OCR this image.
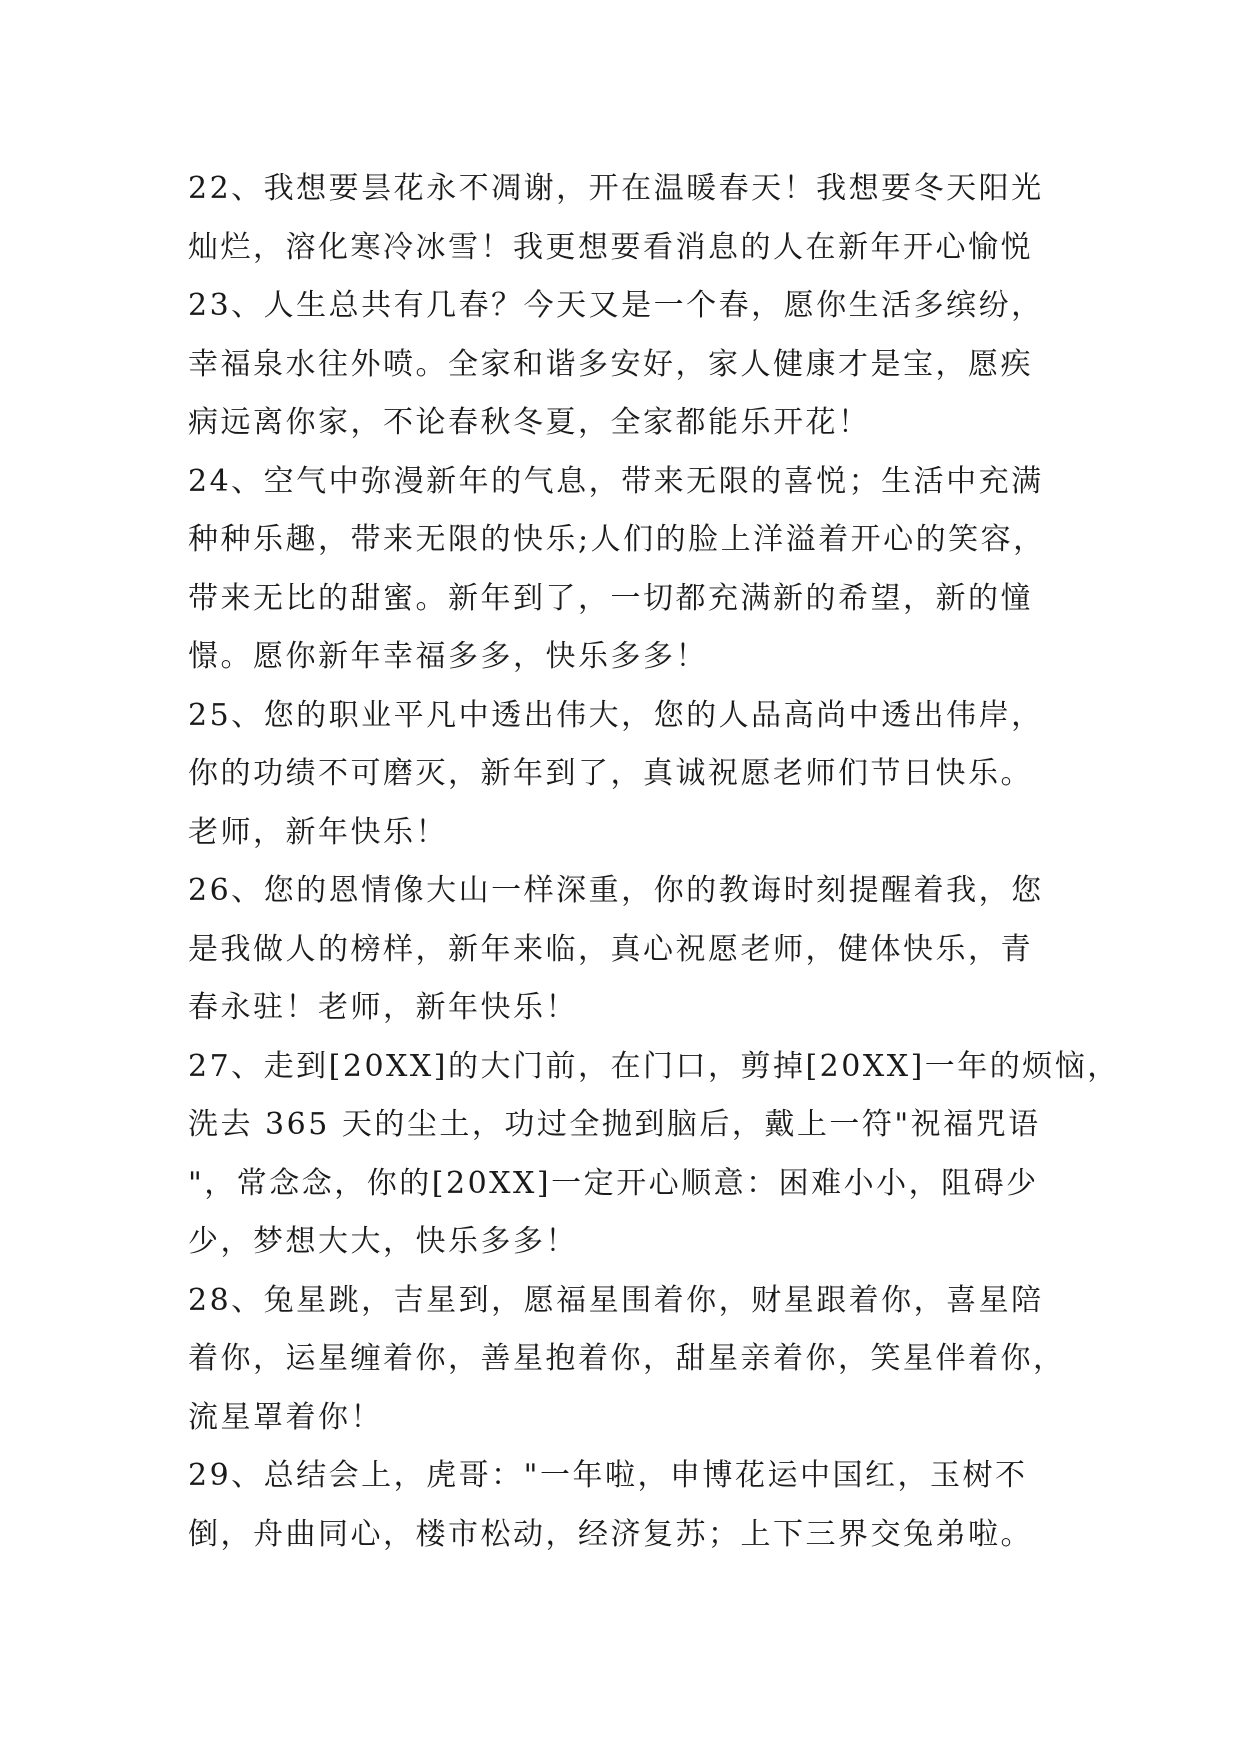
22、我想要昙花永不凋谢，开在温暖春天！我想要冬天阳光
灿烂，溶化寒冷冰雪！我更想要看消息的人在新年开心愉悦
23、人生总共有几春？今天又是一个春，愿你生活多缤纷，
幸福泉水往外喷。全家和谐多安好，家人健康才是宝，愿疾
病远离你家，不论春秋冬夏，全家都能乐开花！
24、空气中弥漫新年的气息，带来无限的喜悦；生活中充满
种种乐趣，带来无限的快乐;人们的脸上洋溢着开心的笑容，
带来无比的甜蜜。新年到了，一切都充满新的希望，新的憧
憬。愿你新年幸福多多，快乐多多！
25、您的职业平凡中透出伟大，您的人品高尚中透出伟岸，
你的功绩不可磨灭，新年到了，真诚祝愿老师们节日快乐。
老师，新年快乐！
26、您的恩情像大山一样深重，你的教诲时刻提醒着我，您
是我做人的榜样，新年来临，真心祝愿老师，健体快乐，青
春永驻！老师，新年快乐！
27、走到[20XX]的大门前，在门口，剪掉[20XX]一年的烦恼，
洗去 365 天的尘土，功过全抛到脑后，戴上一符"祝福咒语
"，常念念，你的[20XX]一定开心顺意：困难小小，阻碍少
少，梦想大大，快乐多多！
28、兔星跳，吉星到，愿福星围着你，财星跟着你，喜星陪
着你，运星缠着你，善星抱着你，甜星亲着你，笑星伴着你，
流星罩着你！
29、总结会上，虎哥："一年啦，申博花运中国红，玉树不
倒，舟曲同心，楼市松动，经济复苏；上下三界交兔弟啦。
